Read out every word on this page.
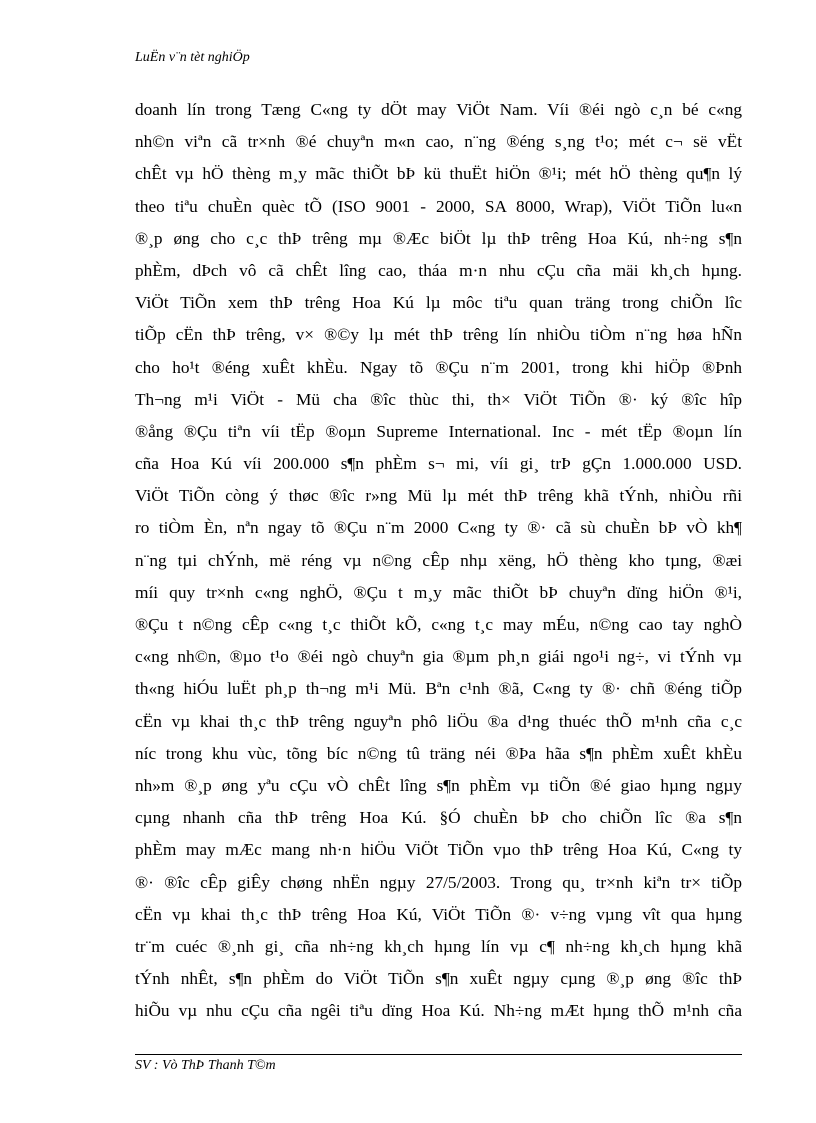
LuËn v¨n tèt nghiÖp
doanh lín trong Tæng C«ng ty dÖt may ViÖt Nam. Víi ®éi ngò c¸n bé c«ng
nh©n viªn cã tr×nh ®é chuyªn m«n cao, n¨ng ®éng s¸ng t¹o; mét c¬ së vËt
chÊt vµ hÖ thèng m¸y mãc thiÕt bÞ kü thuËt hiÖn ®¹i; mét hÖ thèng qu¶n lý
theo tiªu chuÈn quèc tÕ (ISO 9001 - 2000, SA 8000, Wrap), ViÖt TiÕn lu«n
®¸p øng cho c¸c thÞ trêng mµ ®Æc biÖt lµ thÞ trêng Hoa Kú, nh÷ng s¶n
phÈm, dÞch vô cã chÊt lîng cao, tháa m·n nhu cÇu cña mäi kh¸ch hµng.
ViÖt TiÕn xem thÞ trêng Hoa Kú lµ môc tiªu quan träng trong chiÕn lîc
tiÕp cËn thÞ trêng, v× ®©y lµ mét thÞ trêng lín nhiÒu tiÒm n¨ng høa hÑn
cho ho¹t ®éng xuÊt khÈu. Ngay tõ ®Çu n¨m 2001, trong khi hiÖp ®Þnh
Th¬ng m¹i ViÖt - Mü cha ®îc thùc thi, th× ViÖt TiÕn ®· ký ®îc hîp
®ång ®Çu tiªn víi tËp ®oµn Supreme International. Inc - mét tËp ®oµn lín
cña Hoa Kú víi 200.000 s¶n phÈm s¬ mi, víi gi¸ trÞ gÇn 1.000.000 USD.
ViÖt TiÕn còng ý thøc ®îc r»ng Mü lµ mét thÞ trêng khã tÝnh, nhiÒu rñi
ro tiÒm Èn, nªn ngay tõ ®Çu n¨m 2000 C«ng ty ®· cã sù chuÈn bÞ vÒ kh¶
n¨ng tµi chÝnh, më réng vµ n©ng cÊp nhµ xëng, hÖ thèng kho tµng, ®æi
míi quy tr×nh c«ng nghÖ, ®Çu t m¸y mãc thiÕt bÞ chuyªn dïng hiÖn ®¹i,
®Çu t n©ng cÊp c«ng t¸c thiÕt kÕ, c«ng t¸c may mÉu, n©ng cao tay nghÒ
c«ng nh©n, ®µo t¹o ®éi ngò chuyªn gia ®µm ph¸n giái ngo¹i ng÷, vi tÝnh vµ
th«ng hiÓu luËt ph¸p th¬ng m¹i Mü. Bªn c¹nh ®ã, C«ng ty ®· chñ ®éng tiÕp
cËn vµ khai th¸c thÞ trêng nguyªn phô liÖu ®a d¹ng thuéc thÕ m¹nh cña c¸c
níc trong khu vùc, tõng bíc n©ng tû träng néi ®Þa hãa s¶n phÈm xuÊt khÈu
nh»m ®¸p øng yªu cÇu vÒ chÊt lîng s¶n phÈm vµ tiÕn ®é giao hµng ngµy
cµng nhanh cña thÞ trêng Hoa Kú. §Ó chuÈn bÞ cho chiÕn lîc ®a s¶n
phÈm may mÆc mang nh·n hiÖu ViÖt TiÕn vµo thÞ trêng Hoa Kú, C«ng ty
®· ®îc cÊp giÊy chøng nhËn ngµy 27/5/2003. Trong qu¸ tr×nh kiªn tr× tiÕp
cËn vµ khai th¸c thÞ trêng Hoa Kú, ViÖt TiÕn ®· v÷ng vµng vît qua hµng
tr¨m cuéc ®¸nh gi¸ cña nh÷ng kh¸ch hµng lín vµ c¶ nh÷ng kh¸ch hµng khã
tÝnh nhÊt, s¶n phÈm do ViÖt TiÕn s¶n xuÊt ngµy cµng ®¸p øng ®îc thÞ
hiÕu vµ nhu cÇu cña ngêi tiªu dïng Hoa Kú. Nh÷ng mÆt hµng thÕ m¹nh cña
SV : Vò ThÞ Thanh T©m
